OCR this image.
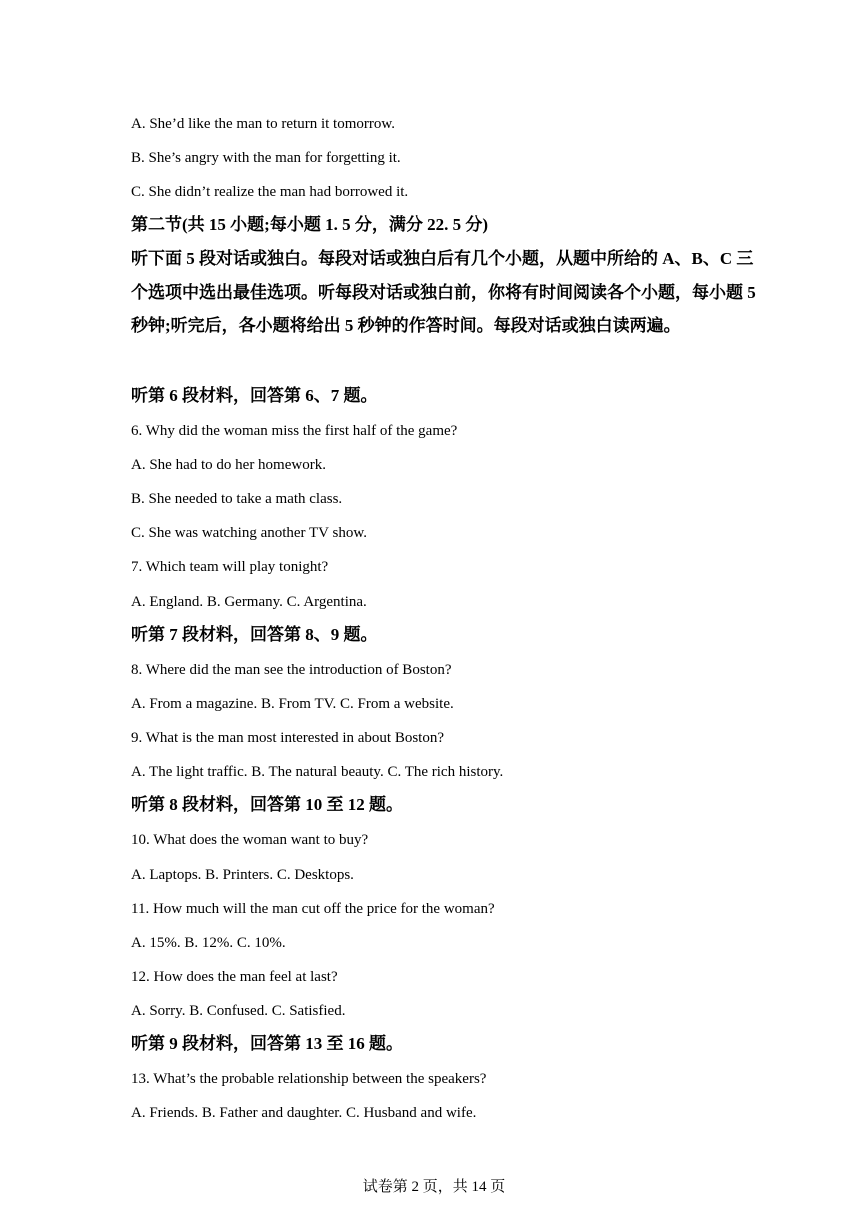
A. She’d like the man to return it tomorrow.
B. She’s angry with the man for forgetting it.
C. She didn’t realize the man had borrowed it.
第二节(共 15 小题;每小题 1. 5 分，满分 22. 5 分)
听下面 5 段对话或独白。每段对话或独白后有几个小题，从题中所给的 A、B、C 三个选项中选出最佳选项。听每段对话或独白前，你将有时间阅读各个小题，每小题 5 秒钟;听完后，各小题将给出 5 秒钟的作答时间。每段对话或独白读两遍。
听第 6 段材料，回答第 6、7 题。
6. Why did the woman miss the first half of the game?
A. She had to do her homework.
B. She needed to take a math class.
C. She was watching another TV show.
7. Which team will play tonight?
A. England. B. Germany. C. Argentina.
听第 7 段材料，回答第 8、9 题。
8. Where did the man see the introduction of Boston?
A. From a magazine. B. From TV. C. From a website.
9. What is the man most interested in about Boston?
A. The light traffic. B. The natural beauty. C. The rich history.
听第 8 段材料，回答第 10 至 12 题。
10. What does the woman want to buy?
A. Laptops. B. Printers. C. Desktops.
11. How much will the man cut off the price for the woman?
A. 15%. B. 12%. C. 10%.
12. How does the man feel at last?
A. Sorry. B. Confused. C. Satisfied.
听第 9 段材料，回答第 13 至 16 题。
13. What’s the probable relationship between the speakers?
A. Friends. B. Father and daughter. C. Husband and wife.
试卷第 2 页，共 14 页
